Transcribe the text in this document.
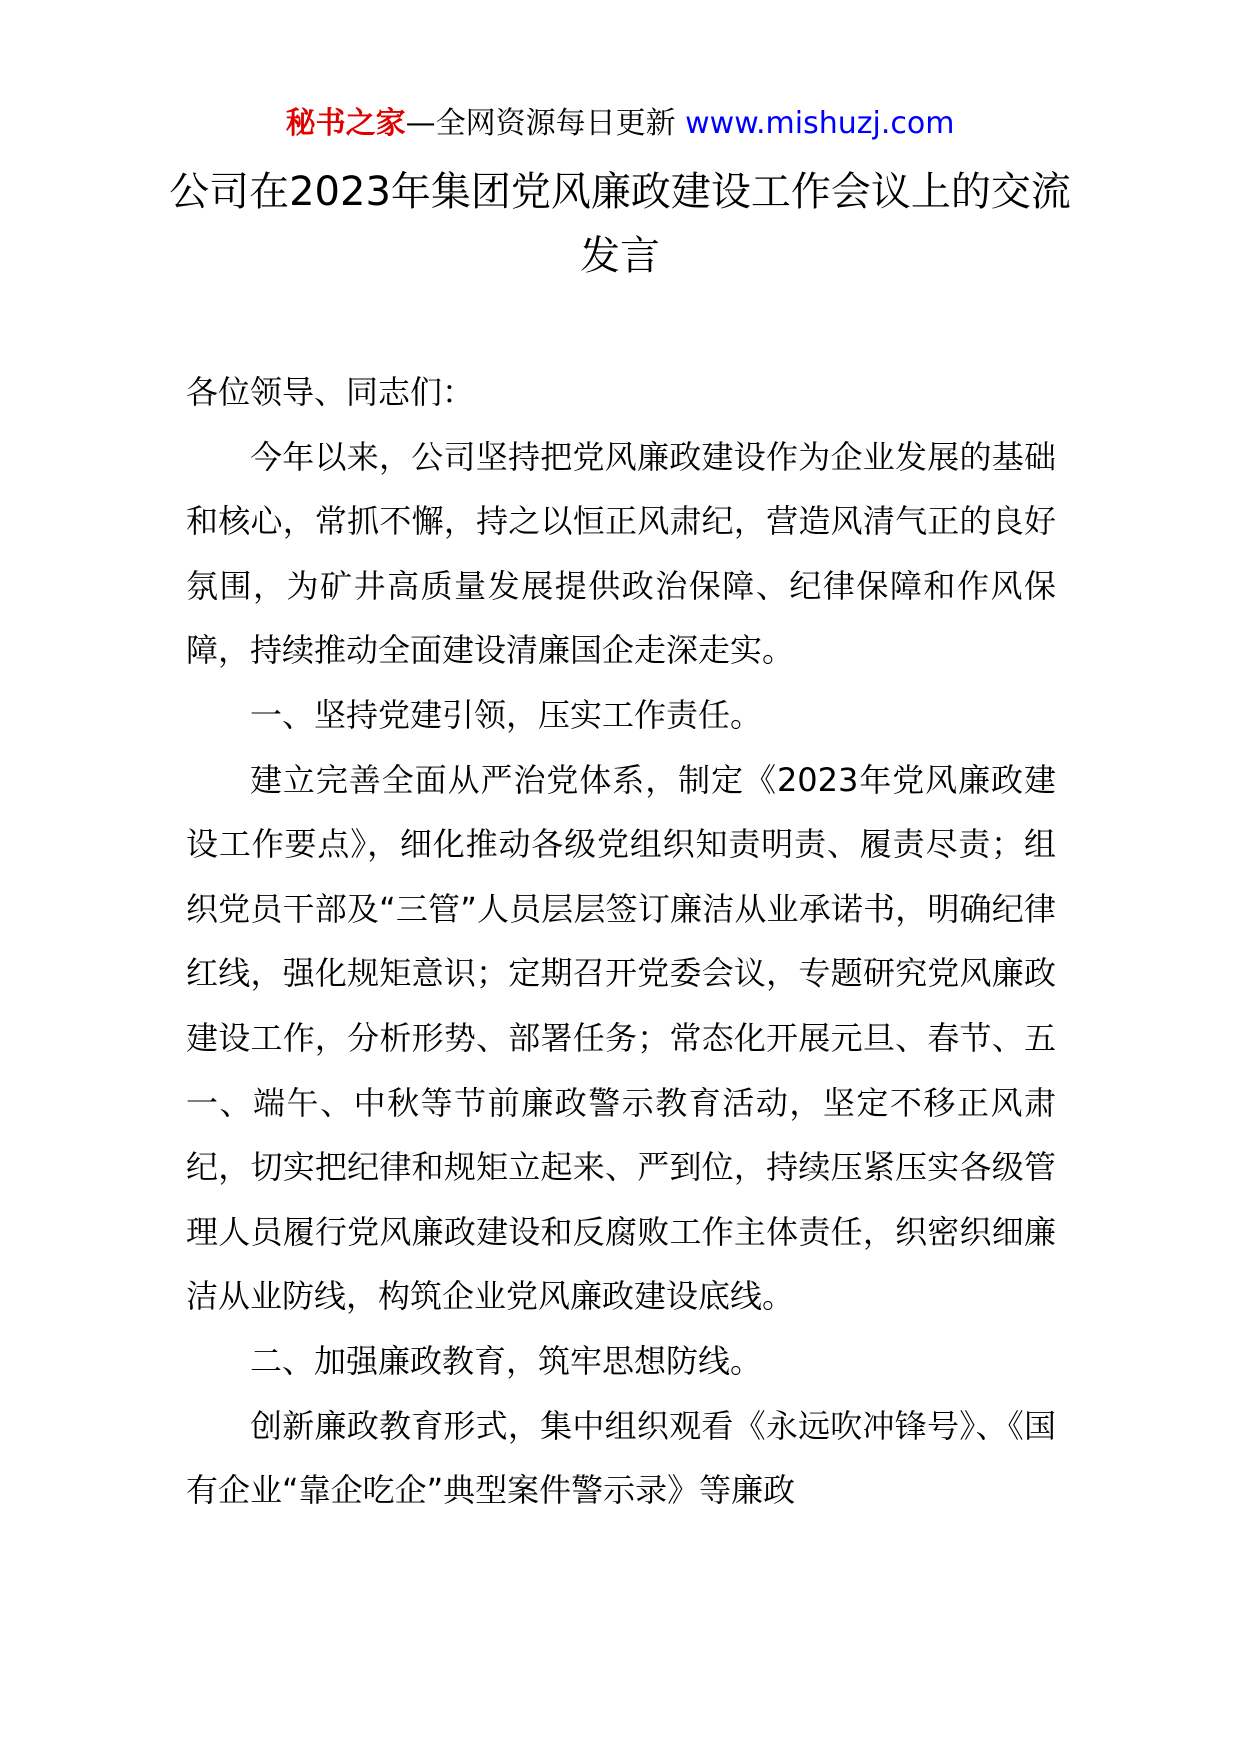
秘书之家—全网资源每日更新 www.mishuzj.com
公司在2023年集团党风廉政建设工作会议上的交流发言

各位领导、同志们：

今年以来，公司坚持把党风廉政建设作为企业发展的基础和核心，常抓不懈，持之以恒正风肃纪，营造风清气正的良好氛围，为矿井高质量发展提供政治保障、纪律保障和作风保障，持续推动全面建设清廉国企走深走实。

一、坚持党建引领，压实工作责任。

建立完善全面从严治党体系，制定《2023年党风廉政建设工作要点》，细化推动各级党组织知责明责、履责尽责；组织党员干部及“三管”人员层层签订廉洁从业承诺书，明确纪律红线，强化规矩意识；定期召开党委会议，专题研究党风廉政建设工作，分析形势、部署任务；常态化开展元旦、春节、五一、端午、中秋等节前廉政警示教育活动，坚定不移正风肃纪，切实把纪律和规矩立起来、严到位，持续压紧压实各级管理人员履行党风廉政建设和反腐败工作主体责任，织密织细廉洁从业防线，构筑企业党风廉政建设底线。

二、加强廉政教育，筑牢思想防线。

创新廉政教育形式，集中组织观看《永远吹冲锋号》、《国有企业“靠企吃企”典型案件警示录》等廉政
